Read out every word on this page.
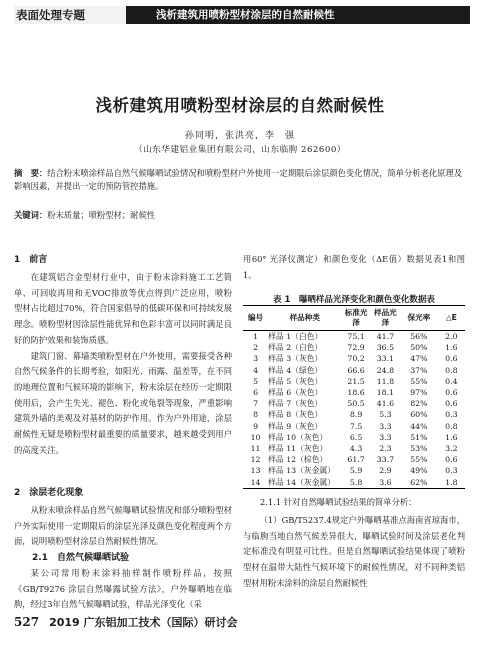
表面处理专题	浅析建筑用喷粉型材涂层的自然耐候性
浅析建筑用喷粉型材涂层的自然耐候性
孙同明，张洪亮，李　强
（山东华建铝业集团有限公司，山东临朐 262600）
摘　要：结合粉末喷涂样品自然气候曝晒试验情况和喷粉型材户外使用一定期限后涂层颜色变化情况，简单分析老化原理及影响因素，并提出一定的预防管控措施。
关键词：粉末质量；喷粉型材；耐候性
1　前言

在建筑铝合金型材行业中，由于粉末涂料施工工艺简单、可回收再用和无VOC排放等优点得到广泛应用，喷粉型材占比超过70%，符合国家倡导的低碳环保和可持续发展理念。喷粉型材因涂层性能优异和色彩丰富可以同时满足良好的防护效果和装饰质感。

建筑门窗、幕墙类喷粉型材在户外使用，需要接受各种自然气候条件的长期考验，如阳光、雨露、温差等，在不同的地理位置和气候环境的影响下，粉末涂层在经历一定期限使用后，会产生失光、褪色、粉化或龟裂等现象，严重影响建筑外墙的美观及对基材的防护作用。作为户外用途，涂层耐候性无疑是喷粉型材最重要的质量要求，越来越受到用户的高度关注。

2　涂层老化现象

从粉末喷涂样品自然气候曝晒试验情况和部分喷粉型材户外实际使用一定期限后的涂层光泽及颜色变化程度两个方面，说明喷粉型材涂层自然耐候性情况。

2.1　自然气候曝晒试验

某公司常用粉末涂料抽样制作喷粉样品，按照《GB/T9276 涂层自然曝露试验方法》，户外曝晒地在临朐，经过3年自然气候曝晒试验，样品光泽变化（采

用60° 光泽仪测定）和颜色变化（ΔE值）数据见表1和图1。

表 1　曝晒样品光泽变化和颜色变化数据表
编号	样品种类	标准光泽	样品光泽	保光率	△E
1	样品 1（白色）	75.1	41.7	56%	2.0
2	样品 2（白色）	72.9	36.5	50%	1.6
3	样品 3（灰色）	70.2	33.1	47%	0.6
4	样品 4（绿色）	66.6	24.8	37%	0.8
5	样品 5（灰色）	21.5	11.8	55%	0.4
6	样品 6（灰色）	18.6	18.1	97%	0.6
7	样品 7（灰色）	50.5	41.6	82%	0.6
8	样品 8（灰色）	8.9	5.3	60%	0.3
9	样品 9（灰色）	7.5	3.3	44%	0.8
10	样品 10（灰色）	6.5	3.3	51%	1.6
11	样品 11（灰色）	4.3	2.3	53%	3.2
12	样品 12（棕色）	61.7	33.7	55%	0.6
13	样品 13（灰金属）	5.9	2.9	49%	0.3
14	样品 14（灰金属）	5.8	3.6	62%	1.8
2.1.1 针对自然曝晒试验结果的简单分析：

（1）GB/T5237.4规定户外曝晒基准点海南省琼海市，与临朐当地自然气候差异很大，曝晒试验时间及涂层老化判定标准没有明显可比性。但是自然曝晒试验结果体现了喷粉型材在温带大陆性气候环境下的耐候性情况，对不同种类铝型材用粉末涂料的涂层自然耐候性

527 2019 广东铝加工技术（国际）研讨会
